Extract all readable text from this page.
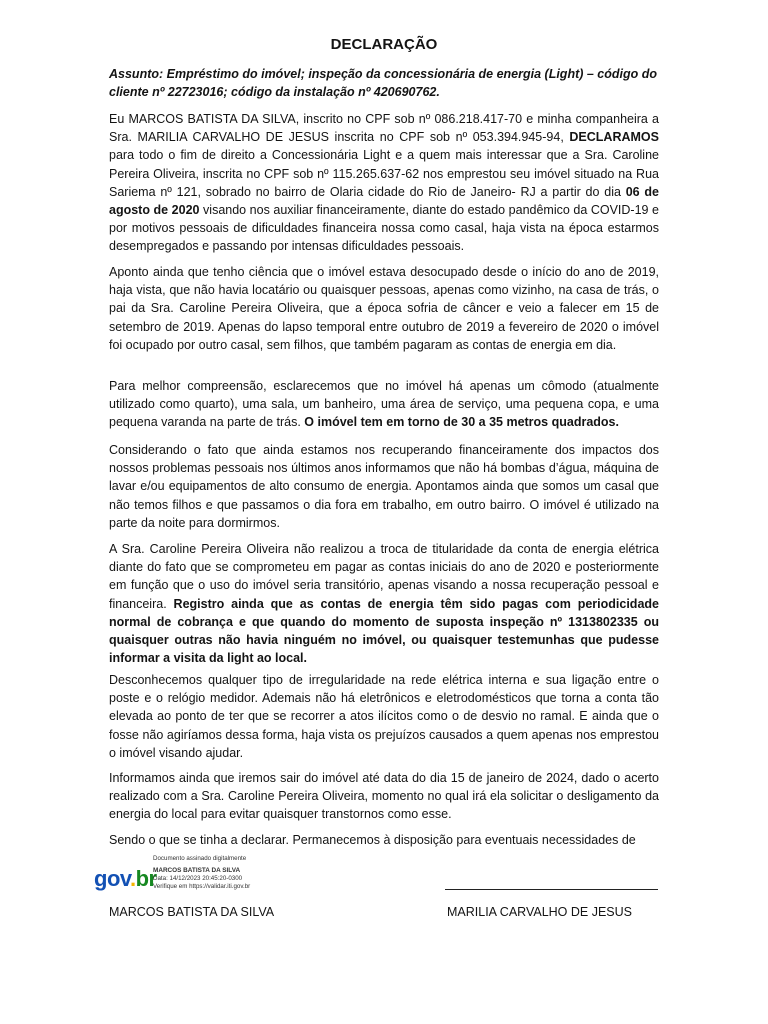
DECLARAÇÃO
Assunto: Empréstimo do imóvel; inspeção da concessionária de energia (Light) – código do cliente nº 22723016; código da instalação nº 420690762.
Eu MARCOS BATISTA DA SILVA, inscrito no CPF sob nº 086.218.417-70 e minha companheira a Sra. MARILIA CARVALHO DE JESUS inscrita no CPF sob nº 053.394.945-94, DECLARAMOS para todo o fim de direito a Concessionária Light e a quem mais interessar que a Sra. Caroline Pereira Oliveira, inscrita no CPF sob nº 115.265.637-62 nos emprestou seu imóvel situado na Rua Sariema nº 121, sobrado no bairro de Olaria cidade do Rio de Janeiro- RJ a partir do dia 06 de agosto de 2020 visando nos auxiliar financeiramente, diante do estado pandêmico da COVID-19 e por motivos pessoais de dificuldades financeira nossa como casal, haja vista na época estarmos desempregados e passando por intensas dificuldades pessoais.
Aponto ainda que tenho ciência que o imóvel estava desocupado desde o início do ano de 2019, haja vista, que não havia locatário ou quaisquer pessoas, apenas como vizinho, na casa de trás, o pai da Sra. Caroline Pereira Oliveira, que a época sofria de câncer e veio a falecer em 15 de setembro de 2019. Apenas do lapso temporal entre outubro de 2019 a fevereiro de 2020 o imóvel foi ocupado por outro casal, sem filhos, que também pagaram as contas de energia em dia.
Para melhor compreensão, esclarecemos que no imóvel há apenas um cômodo (atualmente utilizado como quarto), uma sala, um banheiro, uma área de serviço, uma pequena copa, e uma pequena varanda na parte de trás. O imóvel tem em torno de 30 a 35 metros quadrados.
Considerando o fato que ainda estamos nos recuperando financeiramente dos impactos dos nossos problemas pessoais nos últimos anos informamos que não há bombas d’água, máquina de lavar e/ou equipamentos de alto consumo de energia. Apontamos ainda que somos um casal que não temos filhos e que passamos o dia fora em trabalho, em outro bairro. O imóvel é utilizado na parte da noite para dormirmos.
A Sra. Caroline Pereira Oliveira não realizou a troca de titularidade da conta de energia elétrica diante do fato que se comprometeu em pagar as contas iniciais do ano de 2020 e posteriormente em função que o uso do imóvel seria transitório, apenas visando a nossa recuperação pessoal e financeira. Registro ainda que as contas de energia têm sido pagas com periodicidade normal de cobrança e que quando do momento de suposta inspeção nº 1313802335 ou quaisquer outras não havia ninguém no imóvel, ou quaisquer testemunhas que pudesse informar a visita da light ao local.
Desconhecemos qualquer tipo de irregularidade na rede elétrica interna e sua ligação entre o poste e o relógio medidor. Ademais não há eletrônicos e eletrodomésticos que torna a conta tão elevada ao ponto de ter que se recorrer a atos ilícitos como o de desvio no ramal. E ainda que o fosse não agiríamos dessa forma, haja vista os prejuízos causados a quem apenas nos emprestou o imóvel visando ajudar.
Informamos ainda que iremos sair do imóvel até data do dia 15 de janeiro de 2024, dado o acerto realizado com a Sra. Caroline Pereira Oliveira, momento no qual irá ela solicitar o desligamento da energia do local para evitar quaisquer transtornos como esse.
Sendo o que se tinha a declarar. Permanecemos à disposição para eventuais necessidades de
gov.br
Documento assinado digitalmente
MARCOS BATISTA DA SILVA
Data: 14/12/2023 20:45:20-0300
Verifique em https://validar.iti.gov.br
MARCOS BATISTA DA SILVA	MARILIA CARVALHO DE JESUS
